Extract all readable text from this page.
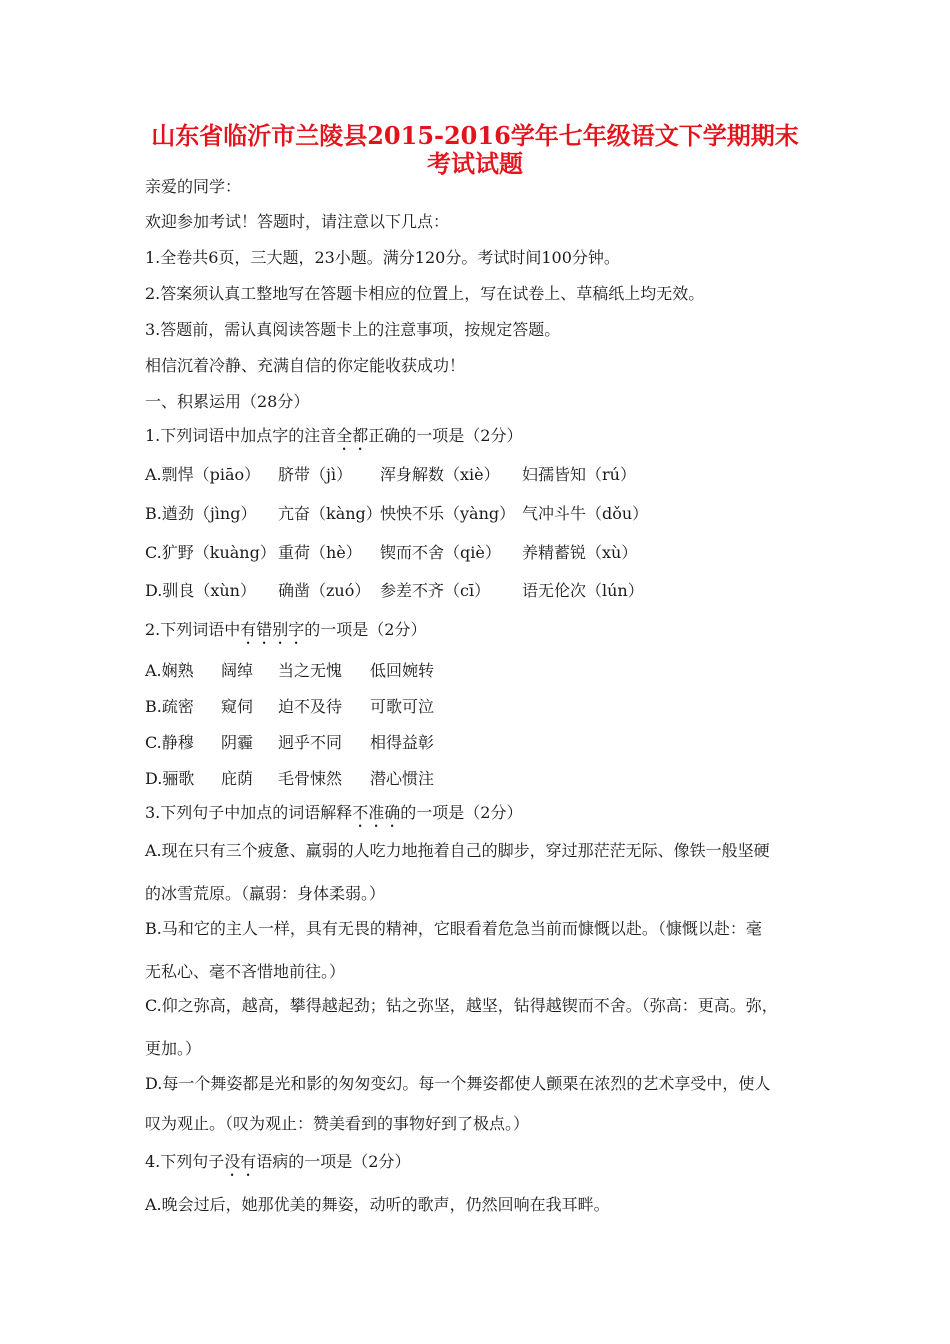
山东省临沂市兰陵县2015-2016学年七年级语文下学期期末考试试题

亲爱的同学：

欢迎参加考试！答题时，请注意以下几点：

1.全卷共6页，三大题，23小题。满分120分。考试时间100分钟。

2.答案须认真工整地写在答题卡相应的位置上，写在试卷上、草稿纸上均无效。

3.答题前，需认真阅读答题卡上的注意事项，按规定答题。

相信沉着冷静、充满自信的你定能收获成功！

一、积累运用（28分）

1.下列词语中加点字的注音全都正确的一项是（2分）

A.剽悍（piāo） 脐带（jì） 浑身解数（xiè） 妇孺皆知（rú）
B.遒劲（jìng） 亢奋（kàng）
怏怏不乐（yàng） 气冲斗牛（dǒu）
C.犷野（kuàng） 重荷（hè） 锲而不舍（qiè） 养精蓄锐（xù）
D.驯良（xùn） 确凿（zuó） 参差不齐（cī） 语无伦次（lún）

2.下列词语中有错别字的一项是（2分）

A.娴熟 阔绰 当之无愧 低回婉转
B.疏密 窥伺 迫不及待 可歌可泣
C.静穆 阴霾 迥乎不同 相得益彰
D.骊歌 庇荫 毛骨悚然 潜心惯注

3.下列句子中加点的词语解释不准确的一项是（2分）

A.现在只有三个疲惫、羸弱的人吃力地拖着自己的脚步，穿过那茫茫无际、像铁一般坚硬

的冰雪荒原。（羸弱：身体柔弱。）

B.马和它的主人一样，具有无畏的精神，它眼看着危急当前而慷慨以赴。（慷慨以赴：毫

无私心、毫不吝惜地前往。）

C.仰之弥高，越高，攀得越起劲；钻之弥坚，越坚，钻得越锲而不舍。（弥高：更高。弥，

更加。）

D.每一个舞姿都是光和影的匆匆变幻。每一个舞姿都使人颤栗在浓烈的艺术享受中，使人

叹为观止。（叹为观止：赞美看到的事物好到了极点。）

4.下列句子没有语病的一项是（2分）

A.晚会过后，她那优美的舞姿，动听的歌声，仍然回响在我耳畔。
